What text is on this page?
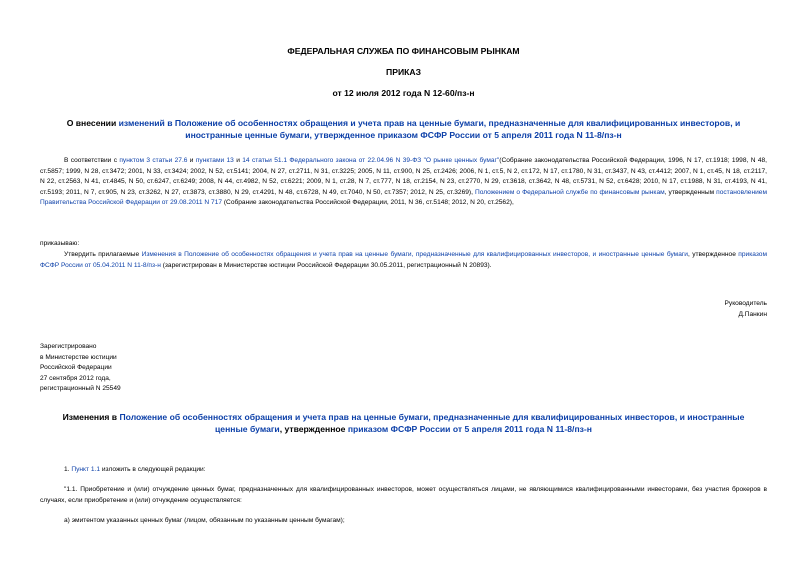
ФЕДЕРАЛЬНАЯ СЛУЖБА ПО ФИНАНСОВЫМ РЫНКАМ
ПРИКАЗ
от 12 июля 2012 года N 12-60/пз-н
О внесении изменений в Положение об особенностях обращения и учета прав на ценные бумаги, предназначенные для квалифицированных инвесторов, и иностранные ценные бумаги, утвержденное приказом ФСФР России от 5 апреля 2011 года N 11-8/пз-н
В соответствии с пунктом 3 статьи 27.6 и пунктами 13 и 14 статьи 51.1 Федерального закона от 22.04.96 N 39-ФЗ "О рынке ценных бумаг"(Собрание законодательства Российской Федерации, 1996, N 17, ст.1918; 1998, N 48, ст.5857; 1999, N 28, ст.3472; 2001, N 33, ст.3424; 2002, N 52, ст.5141; 2004, N 27, ст.2711, N 31, ст.3225; 2005, N 11, ст.900, N 25, ст.2426; 2006, N 1, ст.5, N 2, ст.172, N 17, ст.1780, N 31, ст.3437, N 43, ст.4412; 2007, N 1, ст.45, N 18, ст.2117, N 22, ст.2563, N 41, ст.4845, N 50, ст.6247, ст.6249; 2008, N 44, ст.4982, N 52, ст.6221; 2009, N 1, ст.28, N 7, ст.777, N 18, ст.2154, N 23, ст.2770, N 29, ст.3618, ст.3642, N 48, ст.5731, N 52, ст.6428; 2010, N 17, ст.1988, N 31, ст.4193, N 41, ст.5193; 2011, N 7, ст.905, N 23, ст.3262, N 27, ст.3873, ст.3880, N 29, ст.4291, N 48, ст.6728, N 49, ст.7040, N 50, ст.7357; 2012, N 25, ст.3269), Положением о Федеральной службе по финансовым рынкам, утвержденным постановлением Правительства Российской Федерации от 29.08.2011 N 717 (Собрание законодательства Российской Федерации, 2011, N 36, ст.5148; 2012, N 20, ст.2562),
приказываю:
Утвердить прилагаемые Изменения в Положение об особенностях обращения и учета прав на ценные бумаги, предназначенные для квалифицированных инвесторов, и иностранные ценные бумаги, утвержденное приказом ФСФР России от 05.04.2011 N 11-8/пз-н (зарегистрирован в Министерстве юстиции Российской Федерации 30.05.2011, регистрационный N 20893).
Руководитель
Д.Панкин
Зарегистрировано
в Министерстве юстиции
Российской Федерации
27 сентября 2012 года,
регистрационный N 25549
Изменения в Положение об особенностях обращения и учета прав на ценные бумаги, предназначенные для квалифицированных инвесторов, и иностранные ценные бумаги, утвержденное приказом ФСФР России от 5 апреля 2011 года N 11-8/пз-н
1. Пункт 1.1 изложить в следующей редакции:
"1.1. Приобретение и (или) отчуждение ценных бумаг, предназначенных для квалифицированных инвесторов, может осуществляться лицами, не являющимися квалифицированными инвесторами, без участия брокеров в случаях, если приобретение и (или) отчуждение осуществляется:
а) эмитентом указанных ценных бумаг (лицом, обязанным по указанным ценным бумагам);
